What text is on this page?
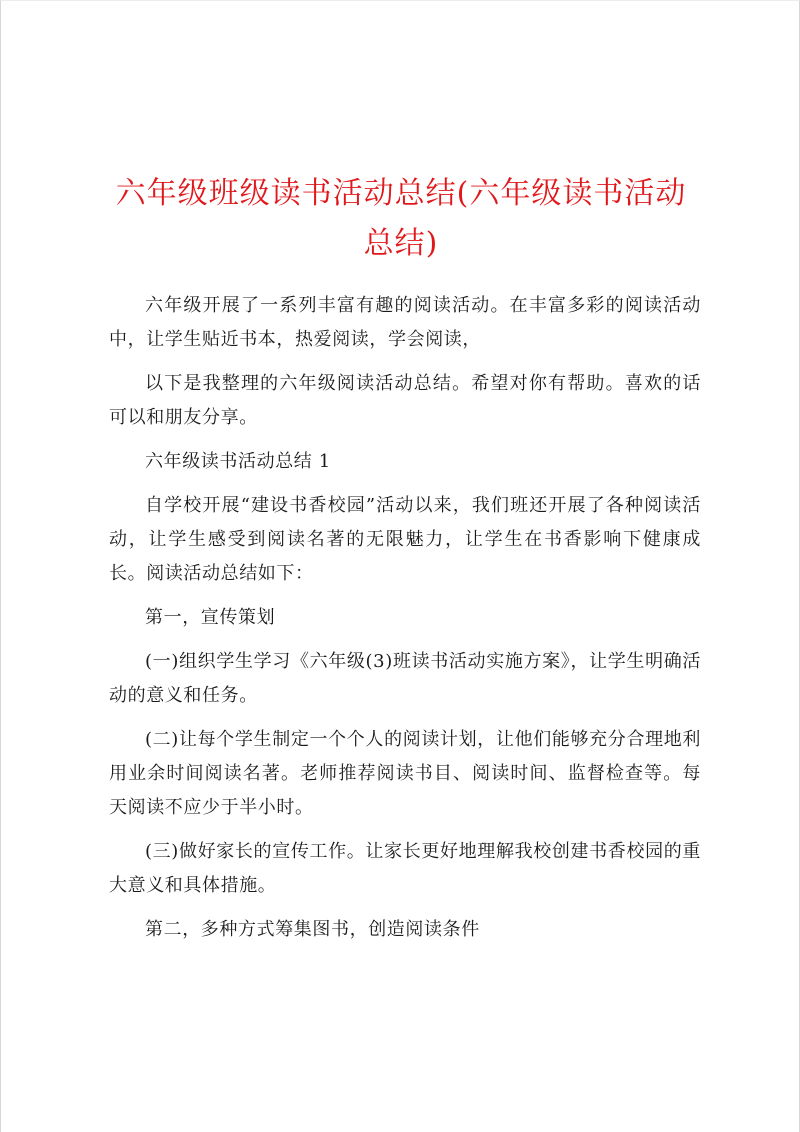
六年级班级读书活动总结(六年级读书活动总结)

六年级开展了一系列丰富有趣的阅读活动。在丰富多彩的阅读活动中，让学生贴近书本，热爱阅读，学会阅读，

以下是我整理的六年级阅读活动总结。希望对你有帮助。喜欢的话可以和朋友分享。

六年级读书活动总结 1

自学校开展“建设书香校园”活动以来，我们班还开展了各种阅读活动，让学生感受到阅读名著的无限魅力，让学生在书香影响下健康成长。阅读活动总结如下：

第一，宣传策划

(一)组织学生学习《六年级(3)班读书活动实施方案》，让学生明确活动的意义和任务。

(二)让每个学生制定一个个人的阅读计划，让他们能够充分合理地利用业余时间阅读名著。老师推荐阅读书目、阅读时间、监督检查等。每天阅读不应少于半小时。

(三)做好家长的宣传工作。让家长更好地理解我校创建书香校园的重大意义和具体措施。

第二，多种方式筹集图书，创造阅读条件
